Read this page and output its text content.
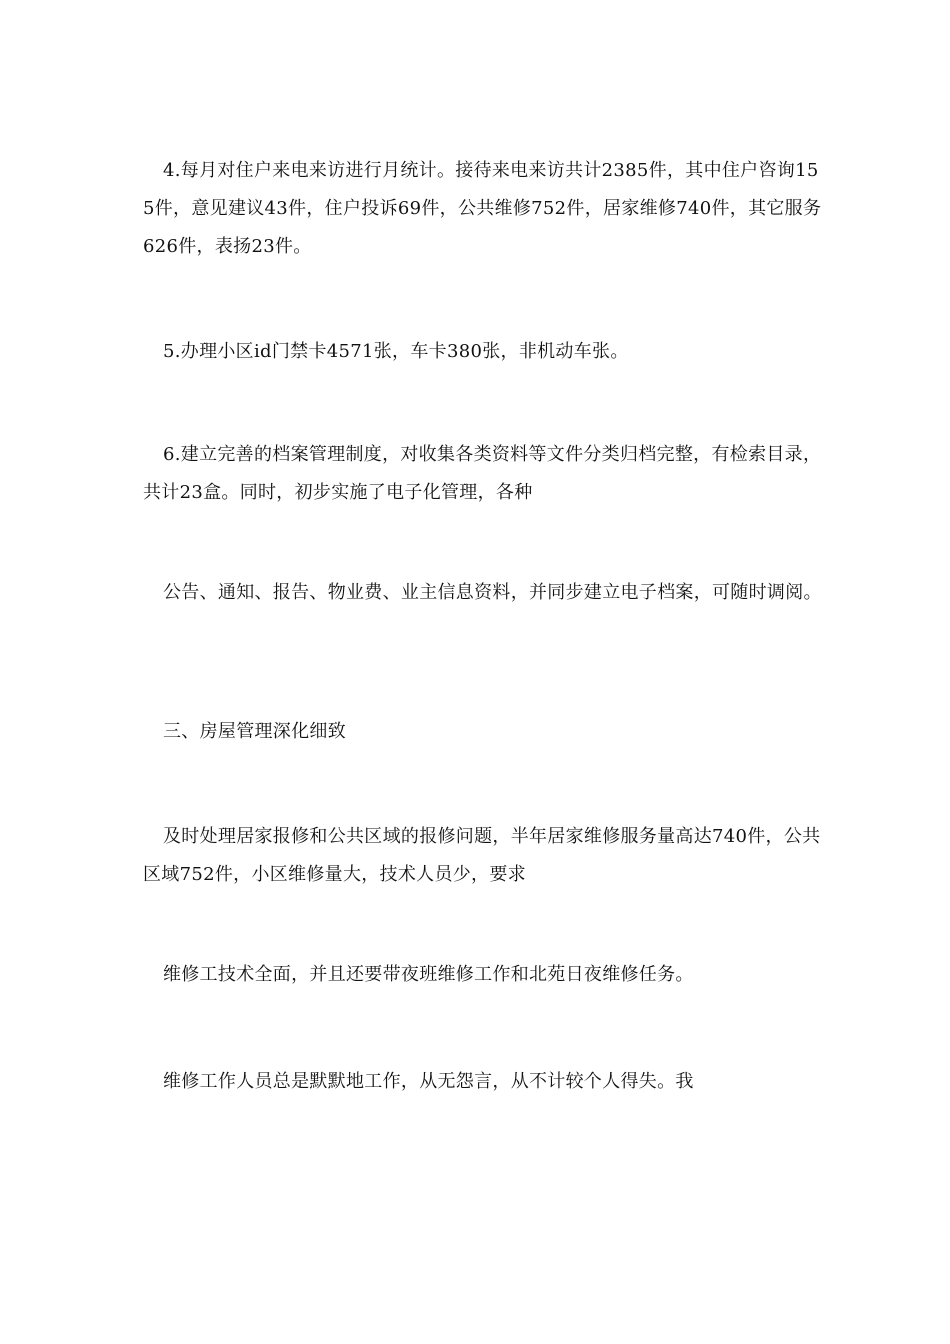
4.每月对住户来电来访进行月统计。接待来电来访共计2385件，其中住户咨询155件，意见建议43件，住户投诉69件，公共维修752件，居家维修740件，其它服务626件，表扬23件。

5.办理小区id门禁卡4571张，车卡380张，非机动车张。

6.建立完善的档案管理制度，对收集各类资料等文件分类归档完整，有检索目录，共计23盒。同时，初步实施了电子化管理，各种

公告、通知、报告、物业费、业主信息资料，并同步建立电子档案，可随时调阅。

三、房屋管理深化细致

及时处理居家报修和公共区域的报修问题，半年居家维修服务量高达740件，公共区域752件，小区维修量大，技术人员少，要求

维修工技术全面，并且还要带夜班维修工作和北苑日夜维修任务。

维修工作人员总是默默地工作，从无怨言，从不计较个人得失。我
